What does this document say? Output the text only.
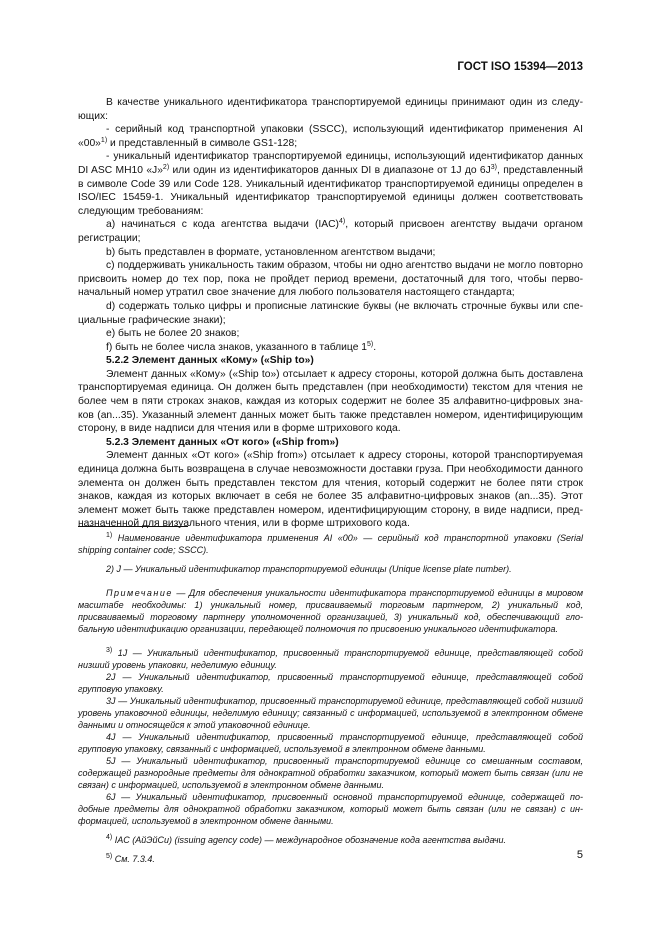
ГОСТ ISO 15394—2013

В качестве уникального идентификатора транспортируемой единицы принимают один из следующих:

- серийный код транспортной упаковки (SSCC), использующий идентификатор применения AI «00»$^{1)}$ и представленный в символе GS1-128;

- уникальный идентификатор транспортируемой единицы, использующий идентификатор данных DI ASC MH10 «J»$^{2)}$ или один из идентификаторов данных DI в диапазоне от 1J до $6J^{3)}$, представленный в символе Code 39 или Code 128. Уникальный идентификатор транспортируемой единицы определен в ISO/IEC 15459-1. Уникальный идентификатор транспортируемой единицы должен соответствовать следующим требованиям:

а) начинаться с кода агентства выдачи (IAC)$^{4)}$, который присвоен агентству выдачи органом регистрации;

b) быть представлен в формате, установленном агентством выдачи;

c) поддерживать уникальность таким образом, чтобы ни одно агентство выдачи не могло повторно присвоить номер до тех пор, пока не пройдет период времени, достаточный для того, чтобы первоначальный номер утратил свое значение для любого пользователя настоящего стандарта;

d) содержать только цифры и прописные латинские буквы (не включать строчные буквы или специальные графические знаки);

e) быть не более 20 знаков;

f) быть не более числа знаков, указанного в таблице 1$^{5)}$.

5.2.2 Элемент данных «Кому» («Ship to»)

Элемент данных «Кому» («Ship to») отсылает к адресу стороны, которой должна быть доставлена транспортируемая единица. Он должен быть представлен (при необходимости) текстом для чтения не более чем в пяти строках знаков, каждая из которых содержит не более 35 алфавитно-цифровых знаков (an...35). Указанный элемент данных может быть также представлен номером, идентифицирующим сторону, в виде надписи для чтения или в форме штрихового кода.

5.2.3 Элемент данных «От кого» («Ship from»)

Элемент данных «От кого» («Ship from») отсылает к адресу стороны, которой транспортируемая единица должна быть возвращена в случае невозможности доставки груза. При необходимости данного элемента он должен быть представлен текстом для чтения, который содержит не более пяти строк знаков, каждая из которых включает в себя не более 35 алфавитно-цифровых знаков (an...35). Этот элемент может быть также представлен номером, идентифицирующим сторону, в виде надписи, предназначенной для визуального чтения, или в форме штрихового кода.

$^{1)}$ Наименование идентификатора применения AI «00» — серийный код транспортной упаковки (Serial shipping container code; SSCC).

2) J — Уникальный идентификатор транспортируемой единицы (Unique license plate number).

Примечание — Для обеспечения уникальности идентификатора транспортируемой единицы в мировом масштабе необходимы: 1) уникальный номер, присваиваемый торговым партнером, 2) уникальный код, присваиваемый торговому партнеру уполномоченной организацией, 3) уникальный код, обеспечивающий глобальную идентификацию организации, передающей полномочия по присвоению уникального идентификатора.

$^{3)}$ 1J — Уникальный идентификатор, присвоенный транспортируемой единице, представляющей собой низший уровень упаковки, неделимую единицу.

2J — Уникальный идентификатор, присвоенный транспортируемой единице, представляющей собой групповую упаковку.

3J — Уникальный идентификатор, присвоенный транспортируемой единице, представляющей собой низший уровень упаковочной единицы, неделимую единицу; связанный с информацией, используемой в электронном обмене данными и относящейся к этой упаковочной единице.

4J — Уникальный идентификатор, присвоенный транспортируемой единице, представляющей собой групповую упаковку, связанный с информацией, используемой в электронном обмене данными.

5J — Уникальный идентификатор, присвоенный транспортируемой единице со смешанным составом, содержащей разнородные предметы для однократной обработки заказчиком, который может быть связан (или не связан) с информацией, используемой в электронном обмене данными.

6J — Уникальный идентификатор, присвоенный основной транспортируемой единице, содержащей подобные предметы для однократной обработки заказчиком, который может быть связан (или не связан) с информацией, используемой в электронном обмене данными.

$^{4)}$ IAC (АйЭйСи) (issuing agency code) — международное обозначение кода агентства выдачи.

$^{5)}$ См. 7.3.4.	5
